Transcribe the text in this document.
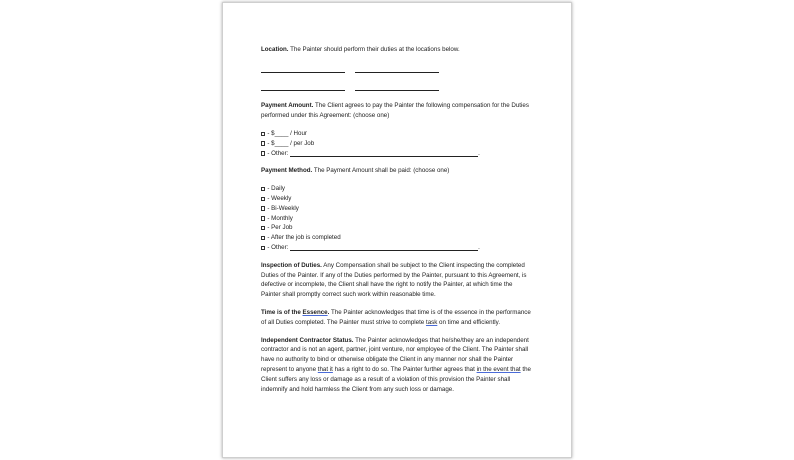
Location. The Painter should perform their duties at the locations below.

Payment Amount. The Client agrees to pay the Painter the following compensation for the Duties performed under this Agreement: (choose one)

- $ ____ / Hour
- $ ____ / per Job
- Other:	.

Payment Method. The Payment Amount shall be paid: (choose one)

- Daily
- Weekly
- Bi-Weekly
- Monthly
- Per Job
- After the job is completed
- Other:	.

Inspection of Duties. Any Compensation shall be subject to the Client inspecting the completed Duties of the Painter. If any of the Duties performed by the Painter, pursuant to this Agreement, is defective or incomplete, the Client shall have the right to notify the Painter, at which time the Painter shall promptly correct such work within reasonable time.

Time is of the Essence. The Painter acknowledges that time is of the essence in the performance of all Duties completed. The Painter must strive to complete task on time and efficiently.

Independent Contractor Status. The Painter acknowledges that he/she/they are an independent contractor and is not an agent, partner, joint venture, nor employee of the Client. The Painter shall have no authority to bind or otherwise obligate the Client in any manner nor shall the Painter represent to anyone that it has a right to do so. The Painter further agrees that in the event that the Client suffers any loss or damage as a result of a violation of this provision the Painter shall indemnify and hold harmless the Client from any such loss or damage.
